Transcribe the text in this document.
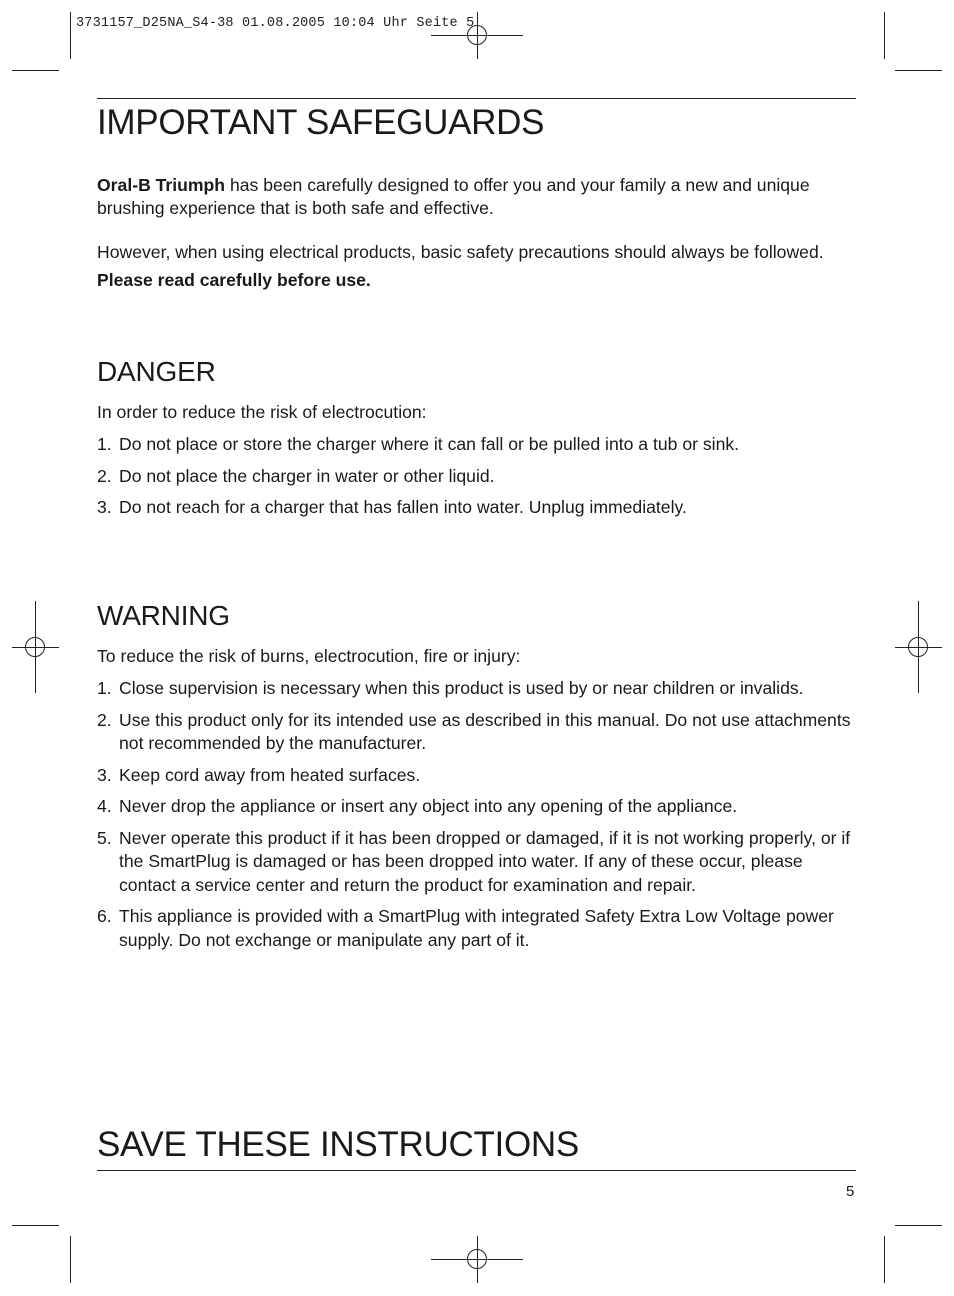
3731157_D25NA_S4-38 01.08.2005 10:04 Uhr Seite 5
IMPORTANT SAFEGUARDS

Oral-B Triumph has been carefully designed to offer you and your family a new and unique brushing experience that is both safe and effective.

However, when using electrical products, basic safety precautions should always be followed. Please read carefully before use.

DANGER

In order to reduce the risk of electrocution:

1. Do not place or store the charger where it can fall or be pulled into a tub or sink.
2. Do not place the charger in water or other liquid.
3. Do not reach for a charger that has fallen into water. Unplug immediately.
WARNING

To reduce the risk of burns, electrocution, fire or injury:

1. Close supervision is necessary when this product is used by or near children or invalids.
2. Use this product only for its intended use as described in this manual. Do not use attachments not recommended by the manufacturer.
3. Keep cord away from heated surfaces.
4. Never drop the appliance or insert any object into any opening of the appliance.
5. Never operate this product if it has been dropped or damaged, if it is not working properly, or if the SmartPlug is damaged or has been dropped into water. If any of these occur, please contact a service center and return the product for examination and repair.
6. This appliance is provided with a SmartPlug with integrated Safety Extra Low Voltage power supply. Do not exchange or manipulate any part of it.
SAVE THESE INSTRUCTIONS
5
